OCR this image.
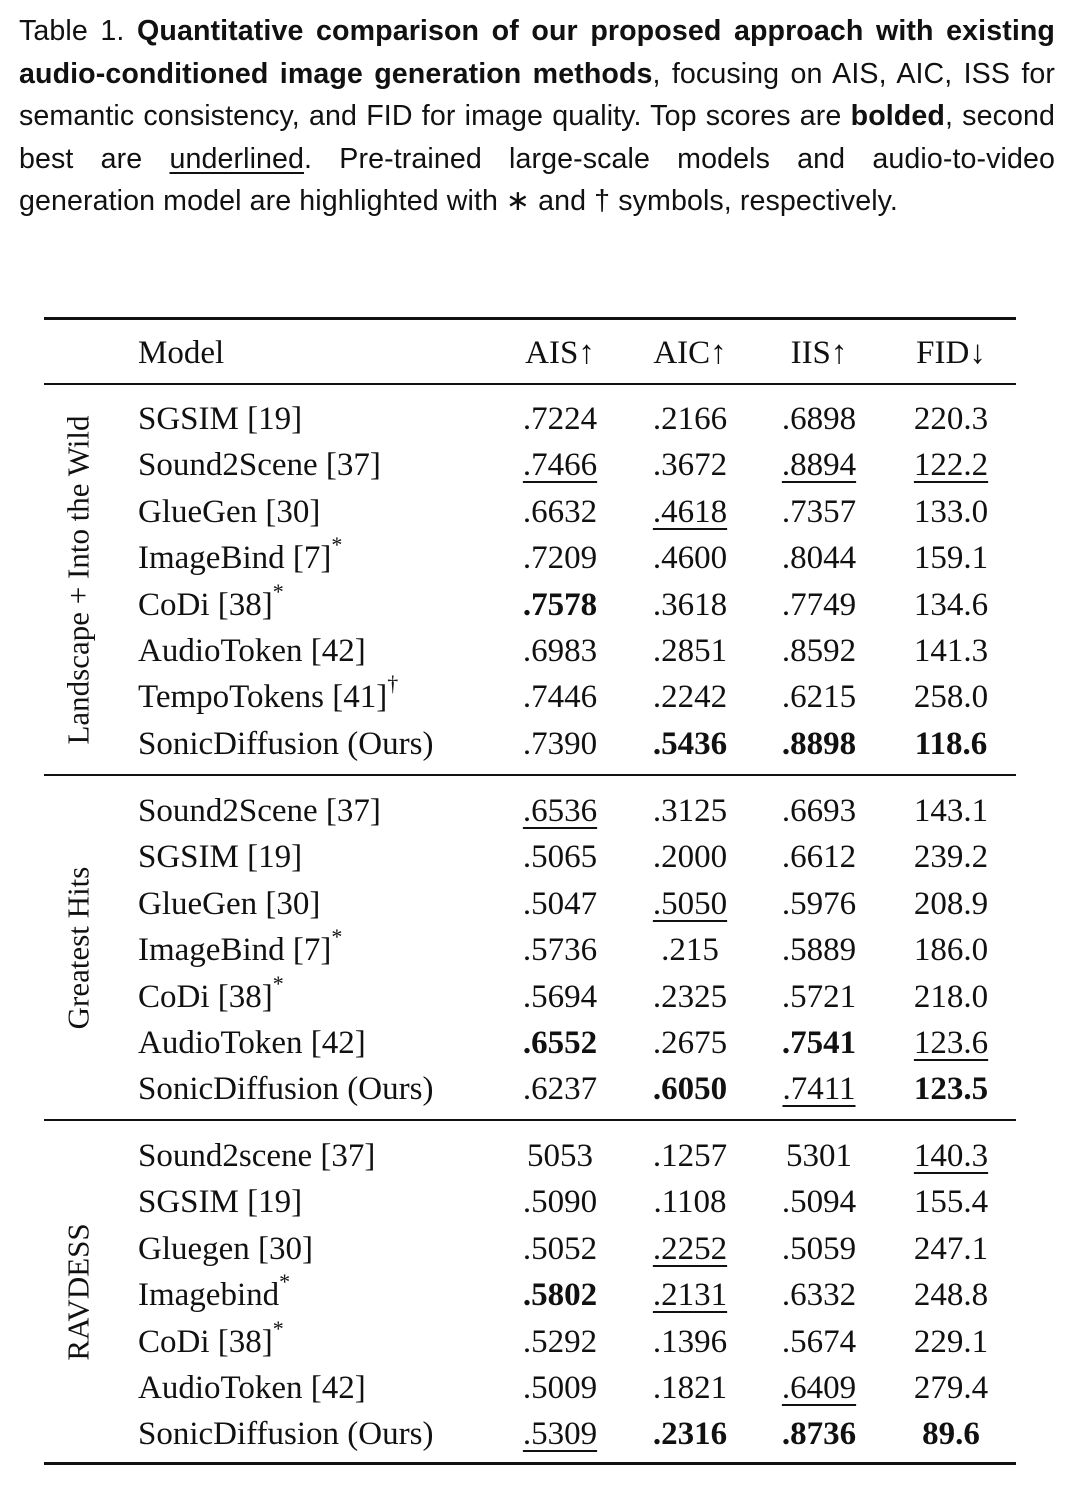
Table 1. Quantitative comparison of our proposed approach with existing audio-conditioned image generation methods, focusing on AIS, AIC, ISS for semantic consistency, and FID for image quality. Top scores are bolded, second best are underlined. Pre-trained large-scale models and audio-to-video generation model are highlighted with ∗ and † symbols, respectively.
Model	AIS↑	AIC↑	IIS↑	FID↓
SGSIM [19]	.7224	.2166	.6898	220.3
Sound2Scene [37]	.7466	.3672	.8894	122.2
GlueGen [30]	.6632	.4618	.7357	133.0
ImageBind [7]*	.7209	.4600	.8044	159.1
CoDi [38]*	.7578	.3618	.7749	134.6
AudioToken [42]	.6983	.2851	.8592	141.3
TempoTokens [41]†	.7446	.2242	.6215	258.0
SonicDiffusion (Ours)	.7390	.5436	.8898	118.6
Landscape + Into the Wild
Sound2Scene [37]	.6536	.3125	.6693	143.1
SGSIM [19]	.5065	.2000	.6612	239.2
GlueGen [30]	.5047	.5050	.5976	208.9
ImageBind [7]*	.5736	.215	.5889	186.0
CoDi [38]*	.5694	.2325	.5721	218.0
AudioToken [42]	.6552	.2675	.7541	123.6
SonicDiffusion (Ours)	.6237	.6050	.7411	123.5
Greatest Hits
Sound2scene [37]	5053	.1257	5301	140.3
SGSIM [19]	.5090	.1108	.5094	155.4
Gluegen [30]	.5052	.2252	.5059	247.1
Imagebind*	.5802	.2131	.6332	248.8
CoDi [38]*	.5292	.1396	.5674	229.1
AudioToken [42]	.5009	.1821	.6409	279.4
SonicDiffusion (Ours)	.5309	.2316	.8736	89.6
RAVDESS
